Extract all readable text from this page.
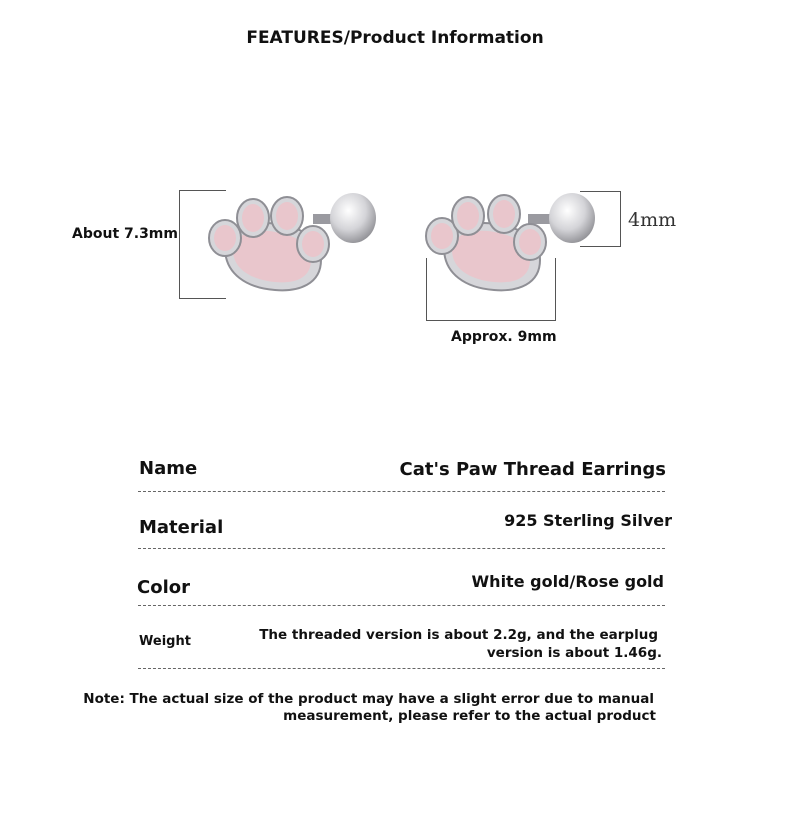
FEATURES/Product Information
About 7.3mm
4mm
Approx. 9mm
Name	Cat's Paw Thread Earrings
Material	925 Sterling Silver
Color	White gold/Rose gold
Weight	The threaded version is about 2.2g, and the earplug
version is about 1.46g.
Note: The actual size of the product may have a slight error due to manual
measurement, please refer to the actual product
